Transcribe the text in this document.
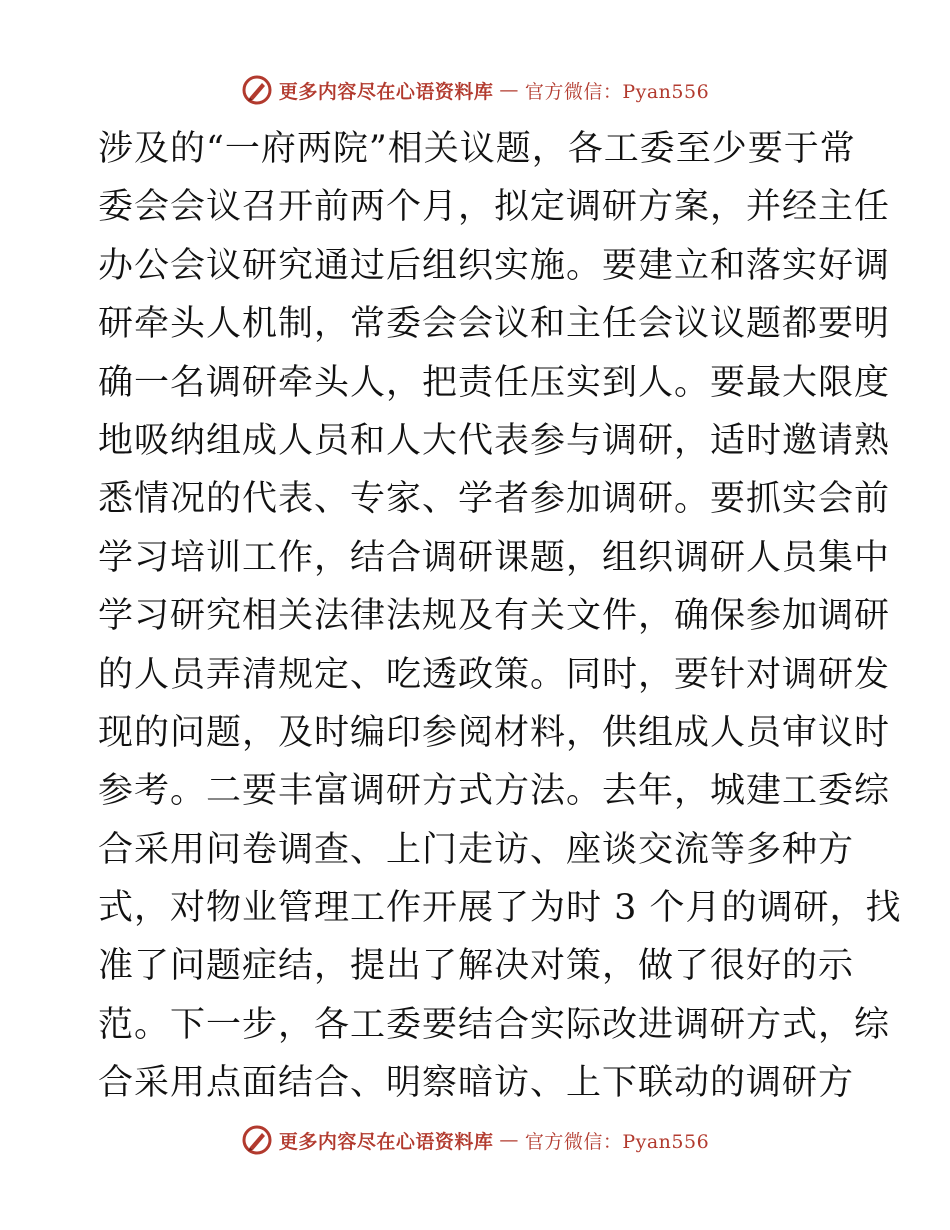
更多内容尽在心语资料库 — 官方微信：Pyan556
涉及的“一府两院”相关议题，各工委至少要于常
委会会议召开前两个月，拟定调研方案，并经主任
办公会议研究通过后组织实施。要建立和落实好调
研牵头人机制，常委会会议和主任会议议题都要明
确一名调研牵头人，把责任压实到人。要最大限度
地吸纳组成人员和人大代表参与调研，适时邀请熟
悉情况的代表、专家、学者参加调研。要抓实会前
学习培训工作，结合调研课题，组织调研人员集中
学习研究相关法律法规及有关文件，确保参加调研
的人员弄清规定、吃透政策。同时，要针对调研发
现的问题，及时编印参阅材料，供组成人员审议时
参考。二要丰富调研方式方法。去年，城建工委综
合采用问卷调查、上门走访、座谈交流等多种方
式，对物业管理工作开展了为时 3 个月的调研，找
准了问题症结，提出了解决对策，做了很好的示
范。下一步，各工委要结合实际改进调研方式，综
合采用点面结合、明察暗访、上下联动的调研方
更多内容尽在心语资料库 — 官方微信：Pyan556
